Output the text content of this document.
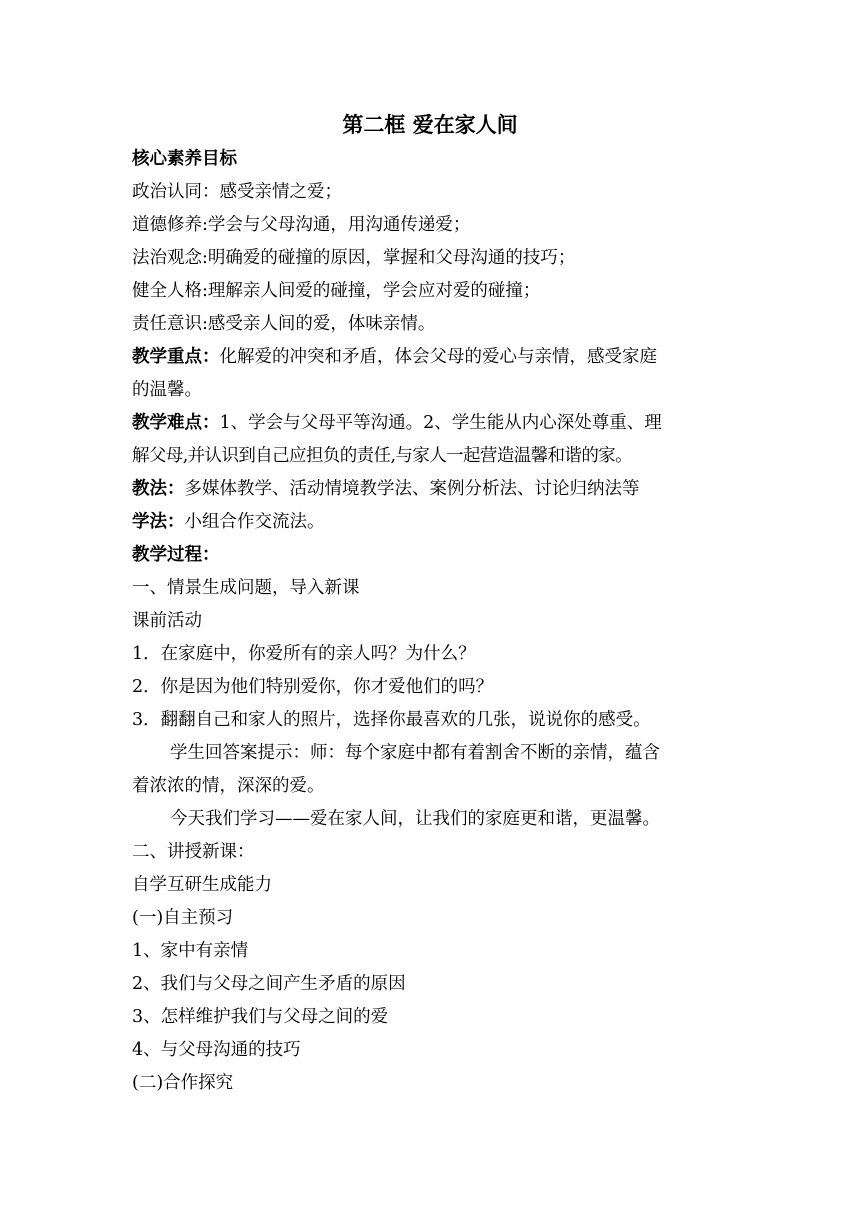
第二框 爱在家人间
核心素养目标
政治认同：感受亲情之爱；
道德修养:学会与父母沟通，用沟通传递爱；
法治观念:明确爱的碰撞的原因，掌握和父母沟通的技巧；
健全人格:理解亲人间爱的碰撞，学会应对爱的碰撞；
责任意识:感受亲人间的爱，体味亲情。
教学重点：化解爱的冲突和矛盾，体会父母的爱心与亲情，感受家庭
的温馨。
教学难点：1、学会与父母平等沟通。2、学生能从内心深处尊重、理
解父母,并认识到自己应担负的责任,与家人一起营造温馨和谐的家。
教法：多媒体教学、活动情境教学法、案例分析法、讨论归纳法等
学法：小组合作交流法。
教学过程：
一、情景生成问题，导入新课
课前活动
1．在家庭中，你爱所有的亲人吗？为什么？
2．你是因为他们特别爱你，你才爱他们的吗？
3．翻翻自己和家人的照片，选择你最喜欢的几张，说说你的感受。
学生回答案提示：师：每个家庭中都有着割舍不断的亲情，蕴含
着浓浓的情，深深的爱。
今天我们学习——爱在家人间，让我们的家庭更和谐，更温馨。
二、讲授新课：
自学互研生成能力
(一)自主预习
1、家中有亲情
2、我们与父母之间产生矛盾的原因
3、怎样维护我们与父母之间的爱
4、与父母沟通的技巧
(二)合作探究
